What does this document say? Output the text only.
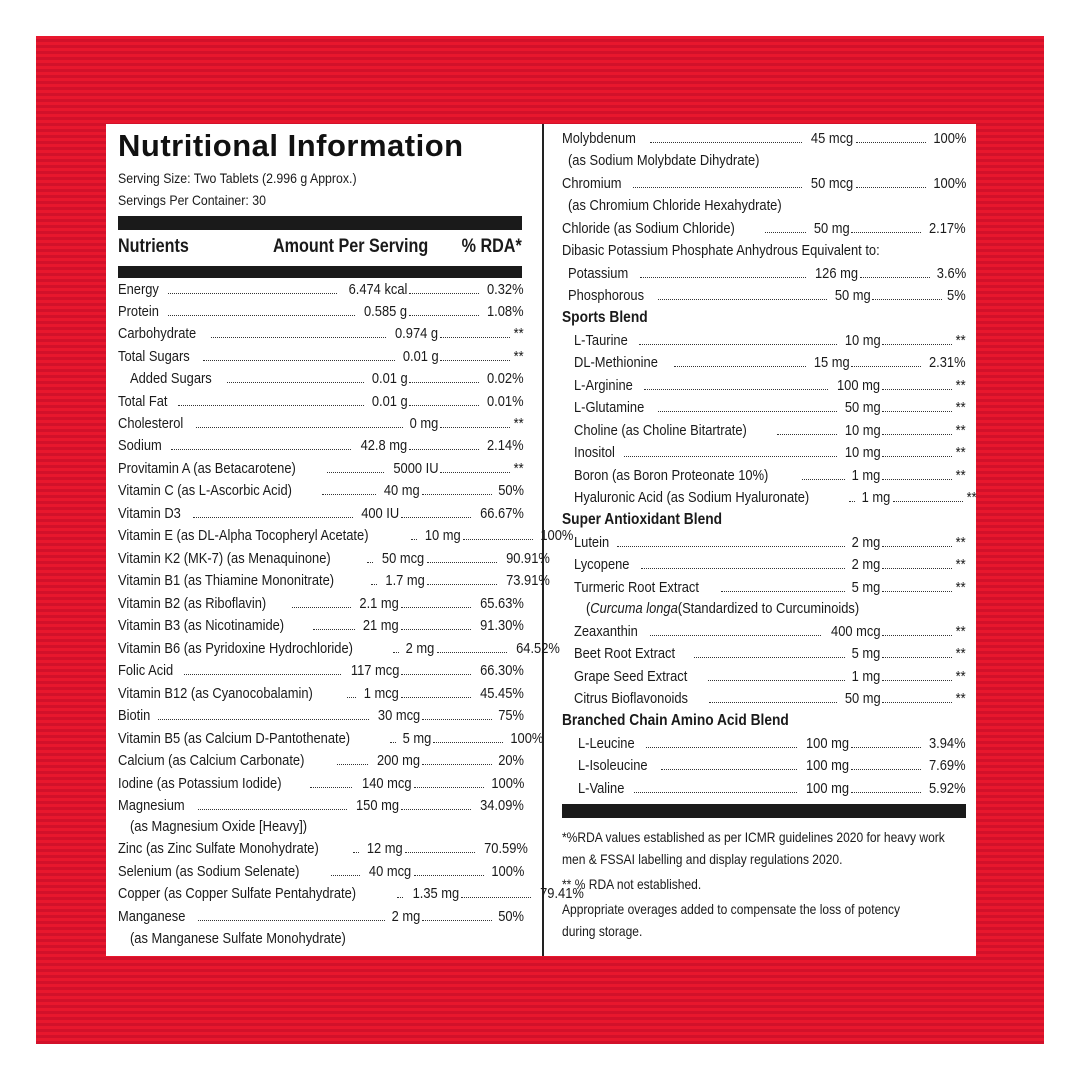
Nutritional Information
Serving Size: Two Tablets (2.996 g Approx.)
Servings Per Container: 30
Nutrients	Amount Per Serving % RDA*
Energy	6.474 kcal	0.32%
Protein	0.585 g	1.08%
Carbohydrate	0.974 g	**
Total Sugars	0.01 g	**
Added Sugars	0.01 g	0.02%
Total Fat	0.01 g	0.01%
Cholesterol	0 mg	**
Sodium	42.8 mg	2.14%
Provitamin A (as Betacarotene)	5000 IU	**
Vitamin C (as L-Ascorbic Acid)	40 mg	50%
Vitamin D3	400 IU	66.67%
Vitamin E (as DL-Alpha Tocopheryl Acetate)	10 mg	100%
Vitamin K2 (MK-7) (as Menaquinone)	50 mcg	90.91%
Vitamin B1 (as Thiamine Mononitrate)	1.7 mg	73.91%
Vitamin B2 (as Riboflavin)	2.1 mg	65.63%
Vitamin B3 (as Nicotinamide)	21 mg	91.30%
Vitamin B6 (as Pyridoxine Hydrochloride)	2 mg	64.52%
Folic Acid	117 mcg	66.30%
Vitamin B12 (as Cyanocobalamin)	1 mcg	45.45%
Biotin	30 mcg	75%
Vitamin B5 (as Calcium D-Pantothenate)	5 mg	100%
Calcium (as Calcium Carbonate)	200 mg	20%
Iodine (as Potassium Iodide)	140 mcg	100%
Magnesium	150 mg	34.09%
Zinc (as Zinc Sulfate Monohydrate)	12 mg	70.59%
Selenium (as Sodium Selenate)	40 mcg	100%
Copper (as Copper Sulfate Pentahydrate)	1.35 mg	79.41%
Manganese	2 mg	50%
(as Magnesium Oxide [Heavy])
(as Manganese Sulfate Monohydrate)
Molybdenum	45 mcg	100%
Chromium	50 mcg	100%
Chloride (as Sodium Chloride)	50 mg	2.17%
Potassium	126 mg	3.6%
Phosphorous	50 mg	5%
L-Taurine	10 mg	**
DL-Methionine	15 mg	2.31%
L-Arginine	100 mg	**
L-Glutamine	50 mg	**
Choline (as Choline Bitartrate)	10 mg	**
Inositol	10 mg	**
Boron (as Boron Proteonate 10%)	1 mg	**
Hyaluronic Acid (as Sodium Hyaluronate)	1 mg	**
Lutein	2 mg	**
Lycopene	2 mg	**
Turmeric Root Extract	5 mg	**
Zeaxanthin	400 mcg	**
Beet Root Extract	5 mg	**
Grape Seed Extract	1 mg	**
Citrus Bioflavonoids	50 mg	**
L-Leucine	100 mg	3.94%
L-Isoleucine	100 mg	7.69%
L-Valine	100 mg	5.92%
(as Sodium Molybdate Dihydrate)
(as Chromium Chloride Hexahydrate)
Dibasic Potassium Phosphate Anhydrous Equivalent to:
Sports Blend
Super Antioxidant Blend
(Curcuma longa(Standardized to Curcuminoids)
Branched Chain Amino Acid Blend
*%RDA values established as per ICMR guidelines 2020 for heavy work
men & FSSAI labelling and display regulations 2020.
** % RDA not established.
Appropriate overages added to compensate the loss of potency
during storage.
